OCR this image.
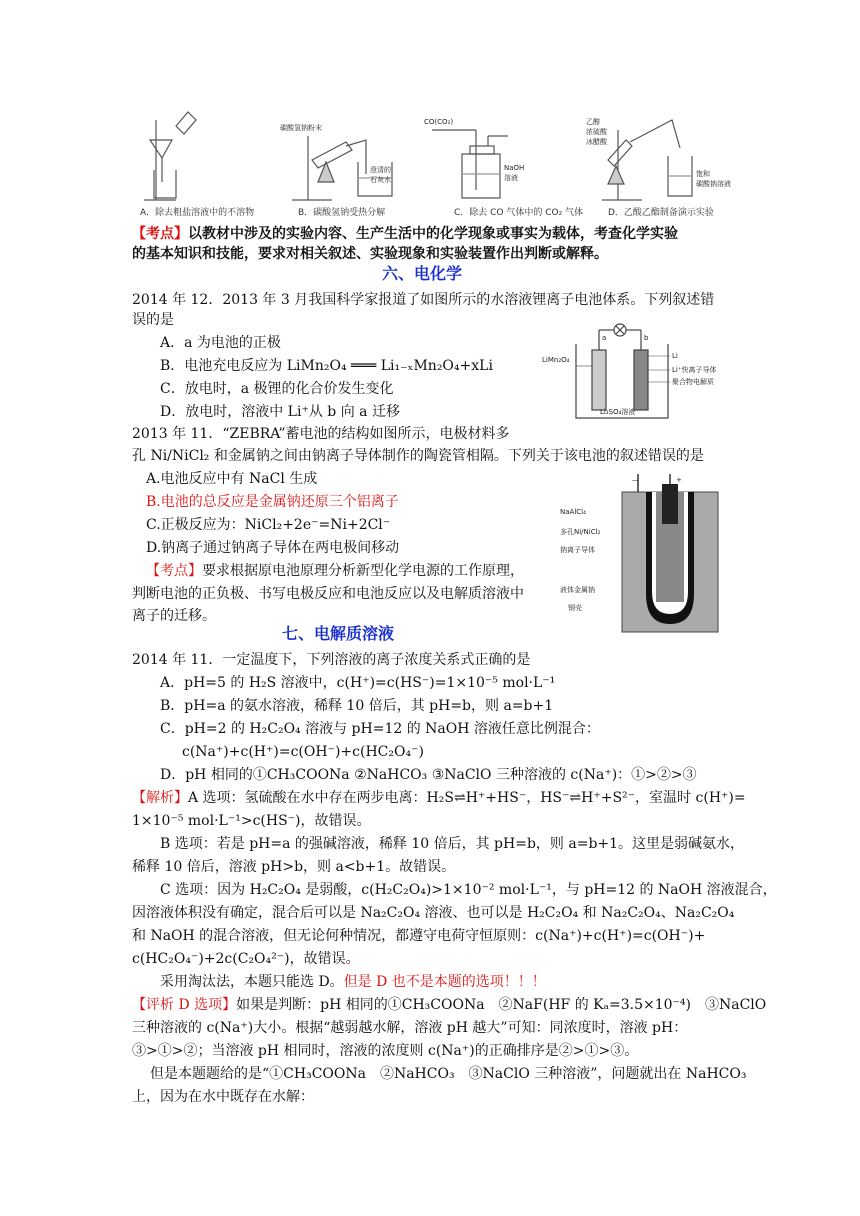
碳酸氢钠粉末
澄清的
石灰水
CO(CO₂)
NaOH
溶液
乙醇
浓硫酸
冰醋酸
饱和
碳酸钠溶液
A．除去粗盐溶液中的不溶物	B．碳酸氢钠受热分解	C．除去 CO 气体中的 CO₂ 气体	D．乙酸乙酯制备演示实验
【考点】以教材中涉及的实验内容、生产生活中的化学现象或事实为载体，考查化学实验
的基本知识和技能，要求对相关叙述、实验现象和实验装置作出判断或解释。
六、电化学
2014 年 12．2013 年 3 月我国科学家报道了如图所示的水溶液锂离子电池体系。下列叙述错
误的是
A．a 为电池的正极
B．电池充电反应为 LiMn₂O₄ ═══ Li₁₋ₓMn₂O₄+xLi
C．放电时，a 极锂的化合价发生变化
D．放电时，溶液中 Li⁺从 b 向 a 迁移
a	b
LiMn₂O₄	Li
Li⁺快离子导体
聚合物电解质
Li₂SO₄溶液
2013 年 11．“ZEBRA”蓄电池的结构如图所示，电极材料多
孔 Ni/NiCl₂ 和金属钠之间由钠离子导体制作的陶瓷管相隔。下列关于该电池的叙述错误的是
A.电池反应中有 NaCl 生成
B.电池的总反应是金属钠还原三个铝离子
C.正极反应为：NiCl₂+2e⁻=Ni+2Cl⁻
D.钠离子通过钠离子导体在两电极间移动
【考点】要求根据原电池原理分析新型化学电源的工作原理，
判断电池的正负极、书写电极反应和电池反应以及电解质溶液中
离子的迁移。
—	+
NaAlCl₄
多孔Ni/NiCl₂
钠离子导体
液体金属钠
钢壳
七、电解质溶液
2014 年 11．一定温度下，下列溶液的离子浓度关系式正确的是
A．pH=5 的 H₂S 溶液中，c(H⁺)=c(HS⁻)=1×10⁻⁵ mol·L⁻¹
B．pH=a 的氨水溶液，稀释 10 倍后，其 pH=b，则 a=b+1
C．pH=2 的 H₂C₂O₄ 溶液与 pH=12 的 NaOH 溶液任意比例混合：
c(Na⁺)+c(H⁺)=c(OH⁻)+c(HC₂O₄⁻)
D．pH 相同的①CH₃COONa ②NaHCO₃ ③NaClO 三种溶液的 c(Na⁺)：①>②>③
【解析】A 选项：氢硫酸在水中存在两步电离：H₂S⇌H⁺+HS⁻，HS⁻⇌H⁺+S²⁻，室温时 c(H⁺)=
1×10⁻⁵ mol·L⁻¹>c(HS⁻)，故错误。
B 选项：若是 pH=a 的强碱溶液，稀释 10 倍后，其 pH=b，则 a=b+1。这里是弱碱氨水，
稀释 10 倍后，溶液 pH>b，则 a<b+1。故错误。
C 选项：因为 H₂C₂O₄ 是弱酸，c(H₂C₂O₄)>1×10⁻² mol·L⁻¹，与 pH=12 的 NaOH 溶液混合，
因溶液体积没有确定，混合后可以是 Na₂C₂O₄ 溶液、也可以是 H₂C₂O₄ 和 Na₂C₂O₄、Na₂C₂O₄
和 NaOH 的混合溶液，但无论何种情况，都遵守电荷守恒原则：c(Na⁺)+c(H⁺)=c(OH⁻)+
c(HC₂O₄⁻)+2c(C₂O₄²⁻)，故错误。
采用淘汰法，本题只能选 D。但是 D 也不是本题的选项！！！
【评析 D 选项】如果是判断：pH 相同的①CH₃COONa　②NaF(HF 的 Kₐ=3.5×10⁻⁴)　③NaClO
三种溶液的 c(Na⁺)大小。根据“越弱越水解，溶液 pH 越大”可知：同浓度时，溶液 pH：
③>①>②；当溶液 pH 相同时，溶液的浓度则 c(Na⁺)的正确排序是②>①>③。
但是本题题给的是“①CH₃COONa　②NaHCO₃　③NaClO 三种溶液”，问题就出在 NaHCO₃
上，因为在水中既存在水解：
